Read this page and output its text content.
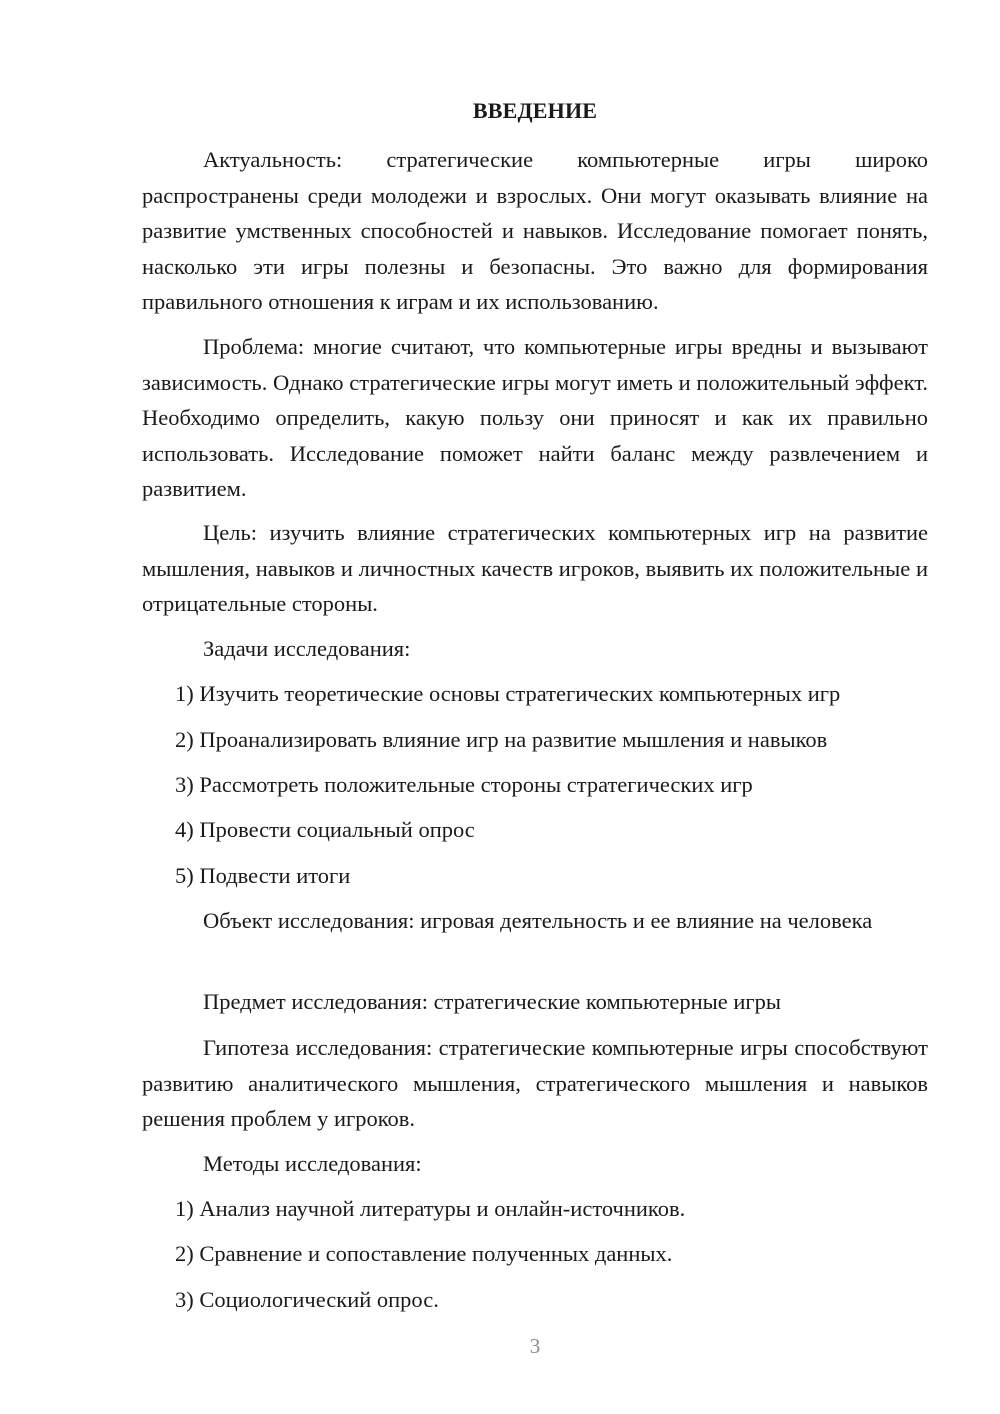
ВВЕДЕНИЕ

Актуальность: стратегические компьютерные игры широко распространены среди молодежи и взрослых. Они могут оказывать влияние на развитие умственных способностей и навыков. Исследование помогает понять, насколько эти игры полезны и безопасны. Это важно для формирования правильного отношения к играм и их использованию.

Проблема: многие считают, что компьютерные игры вредны и вызывают зависимость. Однако стратегические игры могут иметь и положительный эффект. Необходимо определить, какую пользу они приносят и как их правильно использовать. Исследование поможет найти баланс между развлечением и развитием.

Цель: изучить влияние стратегических компьютерных игр на развитие мышления, навыков и личностных качеств игроков, выявить их положительные и отрицательные стороны.

Задачи исследования:

1) Изучить теоретические основы стратегических компьютерных игр

2) Проанализировать влияние игр на развитие мышления и навыков

3) Рассмотреть положительные стороны стратегических игр

4) Провести социальный опрос

5) Подвести итоги

Объект исследования: игровая деятельность и ее влияние на человека

Предмет исследования: стратегические компьютерные игры

Гипотеза исследования: стратегические компьютерные игры способствуют развитию аналитического мышления, стратегического мышления и навыков решения проблем у игроков.

Методы исследования:

1) Анализ научной литературы и онлайн-источников.

2) Сравнение и сопоставление полученных данных.

3) Социологический опрос.

3
